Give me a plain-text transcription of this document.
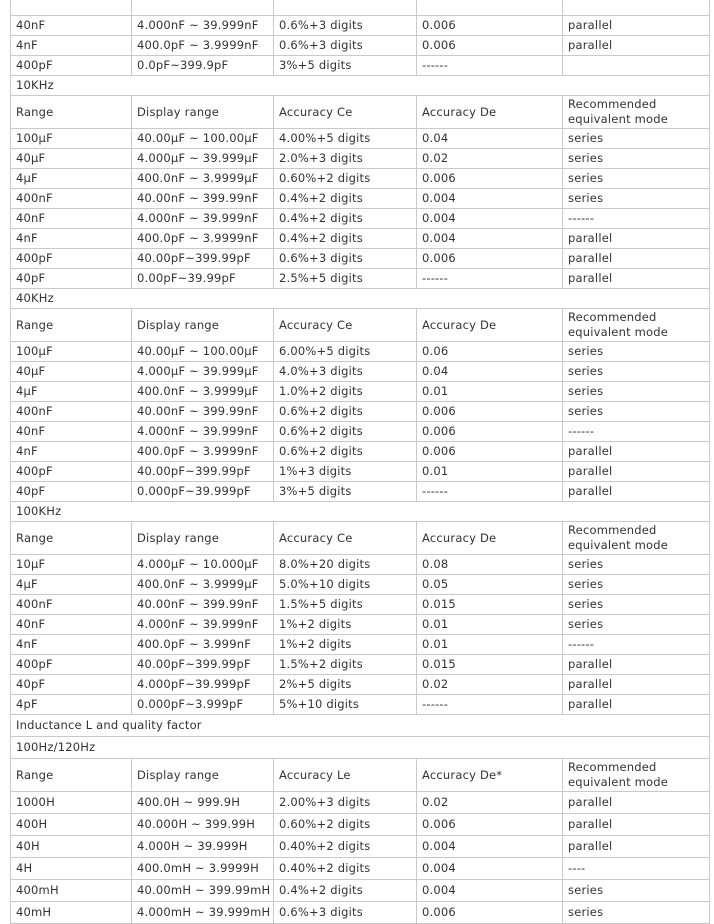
40nF	4.000nF ~ 39.999nF	0.6%+3 digits	0.006	parallel
4nF	400.0pF ~ 3.9999nF	0.6%+3 digits	0.006	parallel
400pF	0.0pF~399.9pF	3%+5 digits	------	
10KHz				
Range	Display range	Accuracy Ce	Accuracy De	Recommended equivalent mode
100μF	40.00μF ~ 100.00μF	4.00%+5 digits	0.04	series
40μF	4.000μF ~ 39.999μF	2.0%+3 digits	0.02	series
4μF	400.0nF ~ 3.9999μF	0.60%+2 digits	0.006	series
400nF	40.00nF ~ 399.99nF	0.4%+2 digits	0.004	series
40nF	4.000nF ~ 39.999nF	0.4%+2 digits	0.004	------
4nF	400.0pF ~ 3.9999nF	0.4%+2 digits	0.004	parallel
400pF	40.00pF~399.99pF	0.6%+3 digits	0.006	parallel
40pF	0.00pF~39.99pF	2.5%+5 digits	------	parallel
40KHz				
Range	Display range	Accuracy Ce	Accuracy De	Recommended equivalent mode
100μF	40.00μF ~ 100.00μF	6.00%+5 digits	0.06	series
40μF	4.000μF ~ 39.999μF	4.0%+3 digits	0.04	series
4μF	400.0nF ~ 3.9999μF	1.0%+2 digits	0.01	series
400nF	40.00nF ~ 399.99nF	0.6%+2 digits	0.006	series
40nF	4.000nF ~ 39.999nF	0.6%+2 digits	0.006	------
4nF	400.0pF ~ 3.9999nF	0.6%+2 digits	0.006	parallel
400pF	40.00pF~399.99pF	1%+3 digits	0.01	parallel
40pF	0.000pF~39.999pF	3%+5 digits	------	parallel
100KHz				
Range	Display range	Accuracy Ce	Accuracy De	Recommended equivalent mode
10μF	4.000μF ~ 10.000μF	8.0%+20 digits	0.08	series
4μF	400.0nF ~ 3.9999μF	5.0%+10 digits	0.05	series
400nF	40.00nF ~ 399.99nF	1.5%+5 digits	0.015	series
40nF	4.000nF ~ 39.999nF	1%+2 digits	0.01	series
4nF	400.0pF ~ 3.999nF	1%+2 digits	0.01	------
400pF	40.00pF~399.99pF	1.5%+2 digits	0.015	parallel
40pF	4.000pF~39.999pF	2%+5 digits	0.02	parallel
4pF	0.000pF~3.999pF	5%+10 digits	------	parallel
Inductance L and quality factor				
100Hz/120Hz				
Range	Display range	Accuracy Le	Accuracy De*	Recommended equivalent mode
1000H	400.0H ~ 999.9H	2.00%+3 digits	0.02	parallel
400H	40.000H ~ 399.99H	0.60%+2 digits	0.006	parallel
40H	4.000H ~ 39.999H	0.40%+2 digits	0.004	parallel
4H	400.0mH ~ 3.9999H	0.40%+2 digits	0.004	----
400mH	40.00mH ~ 399.99mH	0.4%+2 digits	0.004	series
40mH	4.000mH ~ 39.999mH	0.6%+3 digits	0.006	series
